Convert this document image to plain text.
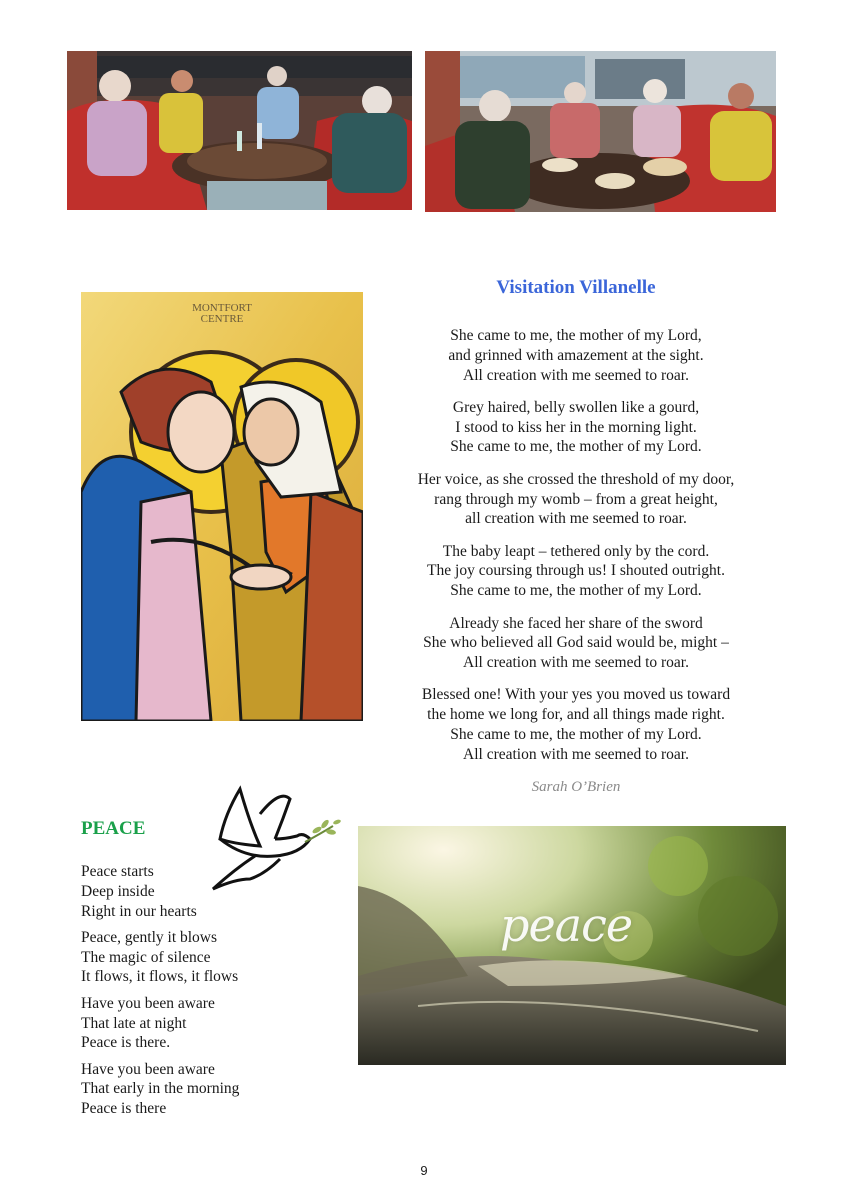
MONTFORT
CENTRE
Visitation Villanelle
She came to me, the mother of my Lord,
and grinned with amazement at the sight.
All creation with me seemed to roar.
Grey haired, belly swollen like a gourd,
I stood to kiss her in the morning light.
She came to me, the mother of my Lord.
Her voice, as she crossed the threshold of my door,
rang through my womb – from a great height,
all creation with me seemed to roar.
The baby leapt – tethered only by the cord.
The joy coursing through us! I shouted outright.
She came to me, the mother of my Lord.
Already she faced her share of the sword
She who believed all God said would be, might –
All creation with me seemed to roar.
Blessed one! With your yes you moved us toward
the home we long for, and all things made right.
She came to me, the mother of my Lord.
All creation with me seemed to roar.
Sarah O’Brien
PEACE
Peace starts
Deep inside
Right in our hearts
Peace, gently it blows
The magic of silence
It flows, it flows, it flows
Have you been aware
That late at night
Peace is there.
Have you been aware
That early in the morning
Peace is there
peace
9
